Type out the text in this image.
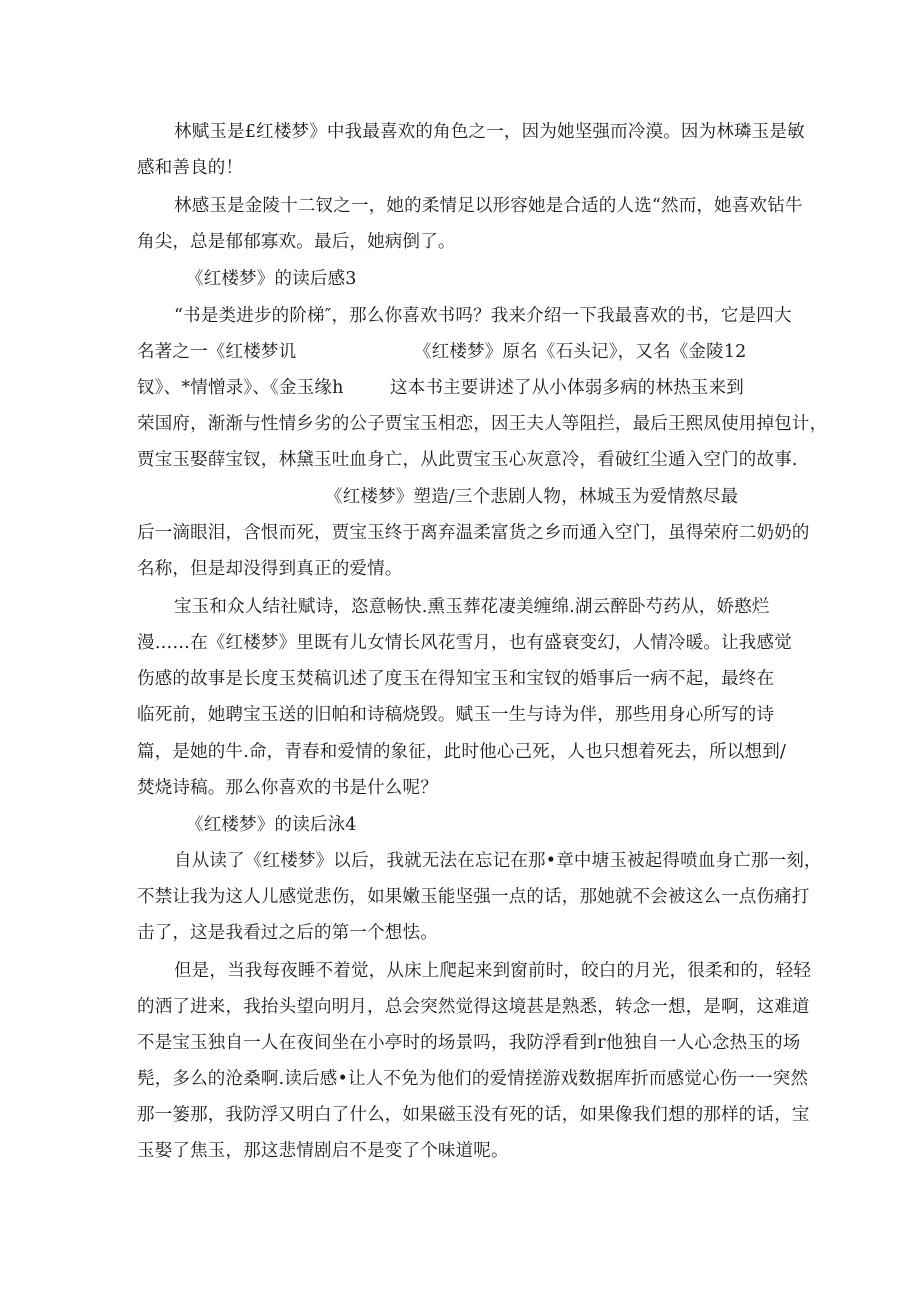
林赋玉是£红楼梦》中我最喜欢的角色之一，因为她坚强而冷漠。因为林璘玉是敏
感和善良的！
林感玉是金陵十二钗之一，她的柔情足以形容她是合适的人选“然而，她喜欢钻牛
角尖，总是郁郁寡欢。最后，她病倒了。
《红楼梦》的读后感3
“书是类进步的阶梯″，那么你喜欢书吗？我来介绍一下我最喜欢的书，它是四大
名著之一《红楼梦讥	《红楼梦》原名《石头记》，又名《金陵12
钗》、*情憎录》、《金玉缘h	这本书主要讲述了从小体弱多病的林热玉来到
荣国府，渐渐与性情乡劣的公子贾宝玉相恋，因王夫人等阻拦，最后王熙凤使用掉包计，
贾宝玉娶薛宝钗，林黛玉吐血身亡，从此贾宝玉心灰意冷，看破红尘遁入空门的故事.
《红楼梦》塑造/三个悲剧人物，林城玉为爱情熬尽最
后一滴眼泪，含恨而死，贾宝玉终于离弃温柔富货之乡而通入空门，虽得荣府二奶奶的
名称，但是却没得到真正的爱情。
宝玉和众人结社赋诗，恣意畅快.熏玉葬花凄美缠绵.湖云醉卧芍药从，娇憨烂
漫……在《红楼梦》里既有儿女情长风花雪月，也有盛衰变幻，人情冷暖。让我感觉
伤感的故事是长度玉焚稿讥述了度玉在得知宝玉和宝钗的婚事后一病不起，最终在
临死前，她聘宝玉送的旧帕和诗稿烧毁。赋玉一生与诗为伴，那些用身心所写的诗
篇，是她的牛.命，青春和爱情的象征，此时他心己死，人也只想着死去，所以想到/
焚烧诗稿。那么你喜欢的书是什么呢？
《红楼梦》的读后泳4
自从读了《红楼梦》以后，我就无法在忘记在那•章中塘玉被起得喷血身亡那一刻，
不禁让我为这人儿感觉悲伤，如果嫩玉能坚强一点的话，那她就不会被这么一点伤痛打
击了，这是我看过之后的第一个想怯。
但是，当我每夜睡不着觉，从床上爬起来到窗前时，皎白的月光，很柔和的，轻轻
的洒了进来，我抬头望向明月，总会突然觉得这境甚是熟悉，转念一想，是啊，这难道
不是宝玉独自一人在夜间坐在小亭时的场景吗，我防浮看到r他独自一人心念热玉的场
髡，多么的沧桑啊.读后感•让人不免为他们的爱情搓游戏数据库折而感觉心伤一一突然
那一篓那，我防浮又明白了什么，如果磁玉没有死的话，如果像我们想的那样的话，宝
玉娶了焦玉，那这悲情剧启不是变了个味道呢。
